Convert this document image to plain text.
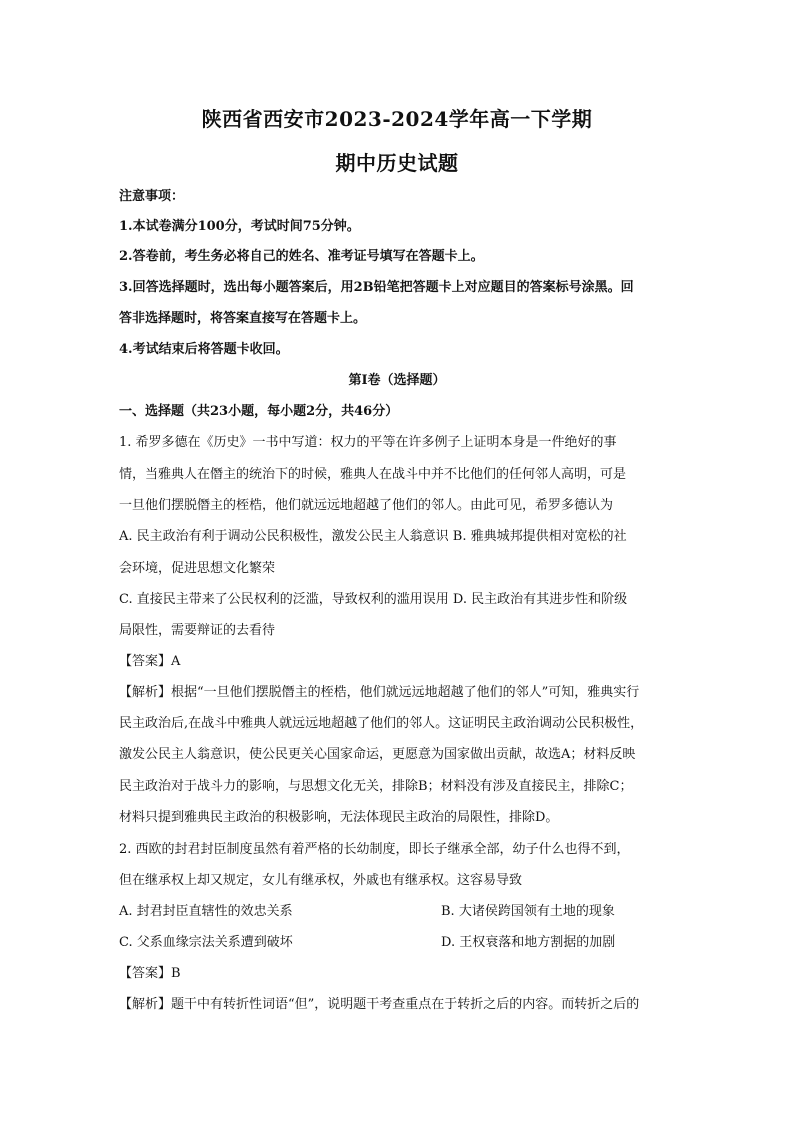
陕西省西安市2023-2024学年高一下学期
期中历史试题
注意事项：
1.本试卷满分100分，考试时间75分钟。
2.答卷前，考生务必将自己的姓名、准考证号填写在答题卡上。
3.回答选择题时，选出每小题答案后，用2B铅笔把答题卡上对应题目的答案标号涂黑。回
答非选择题时，将答案直接写在答题卡上。
4.考试结束后将答题卡收回。
第I卷（选择题）
一、选择题（共23小题，每小题2分，共46分）
1. 希罗多德在《历史》一书中写道：权力的平等在许多例子上证明本身是一件绝好的事
情，当雅典人在僭主的统治下的时候，雅典人在战斗中并不比他们的任何邻人高明，可是
一旦他们摆脱僭主的桎梏，他们就远远地超越了他们的邻人。由此可见，希罗多德认为
A. 民主政治有利于调动公民积极性，激发公民主人翁意识 B. 雅典城邦提供相对宽松的社
会环境，促进思想文化繁荣
C. 直接民主带来了公民权利的泛滥，导致权利的滥用误用 D. 民主政治有其进步性和阶级
局限性，需要辩证的去看待
【答案】A
【解析】根据“一旦他们摆脱僭主的桎梏，他们就远远地超越了他们的邻人”可知，雅典实行
民主政治后,在战斗中雅典人就远远地超越了他们的邻人。这证明民主政治调动公民积极性，
激发公民主人翁意识，使公民更关心国家命运，更愿意为国家做出贡献，故选A；材料反映
民主政治对于战斗力的影响，与思想文化无关，排除B；材料没有涉及直接民主，排除C；
材料只提到雅典民主政治的积极影响，无法体现民主政治的局限性，排除D。
2. 西欧的封君封臣制度虽然有着严格的长幼制度，即长子继承全部，幼子什么也得不到，
但在继承权上却又规定，女儿有继承权，外戚也有继承权。这容易导致
A. 封君封臣直辖性的效忠关系	B. 大诸侯跨国领有土地的现象
C. 父系血缘宗法关系遭到破坏	D. 王权衰落和地方割据的加剧
【答案】B
【解析】题干中有转折性词语“但”，说明题干考查重点在于转折之后的内容。而转折之后的
